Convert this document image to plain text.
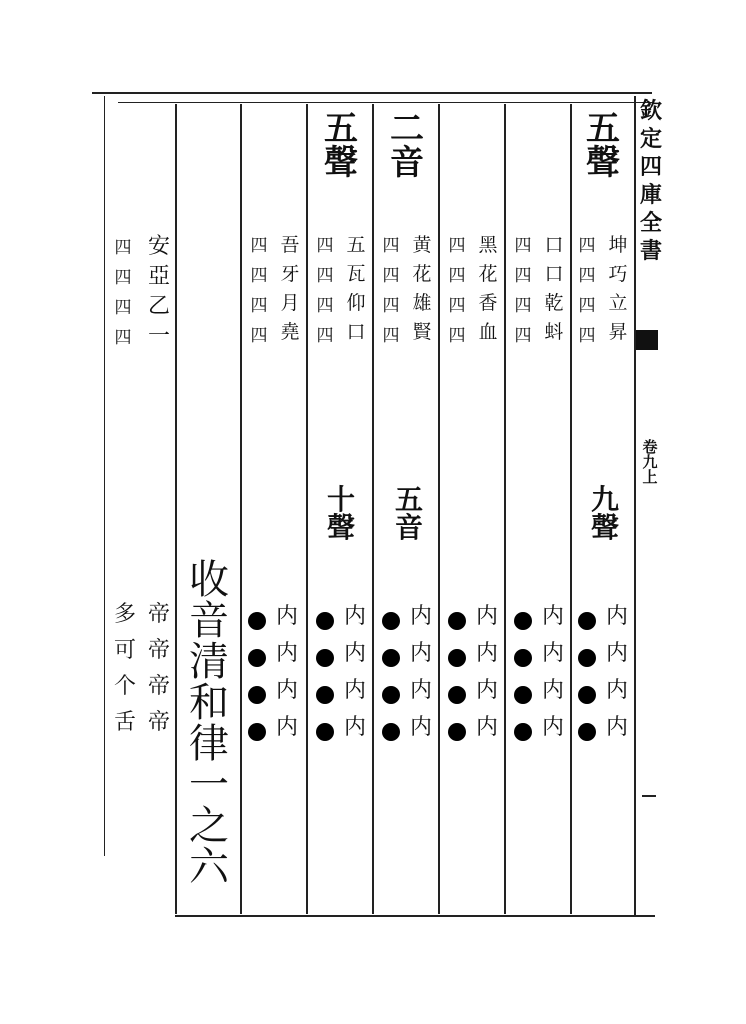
欽
定
四
庫
全
書
卷
九
上
五
聲
坤
巧
立
昇
四
四
四
四
九
聲
内
内
内
内
口
口
乾
蚪
四
四
四
四
内
内
内
内
黑
花
香
血
四
四
四
四
内
内
内
内
二
音
黄
花
雄
賢
四
四
四
四
五
音
内
内
内
内
五
聲
五
瓦
仰
口
四
四
四
四
十
聲
内
内
内
内
吾
牙
月
堯
四
四
四
四
内
内
内
内
收
音
清
和
律
一
之
六
安
亞
乙
一
四
四
四
四
帝
帝
帝
帝
多
可
个
舌
